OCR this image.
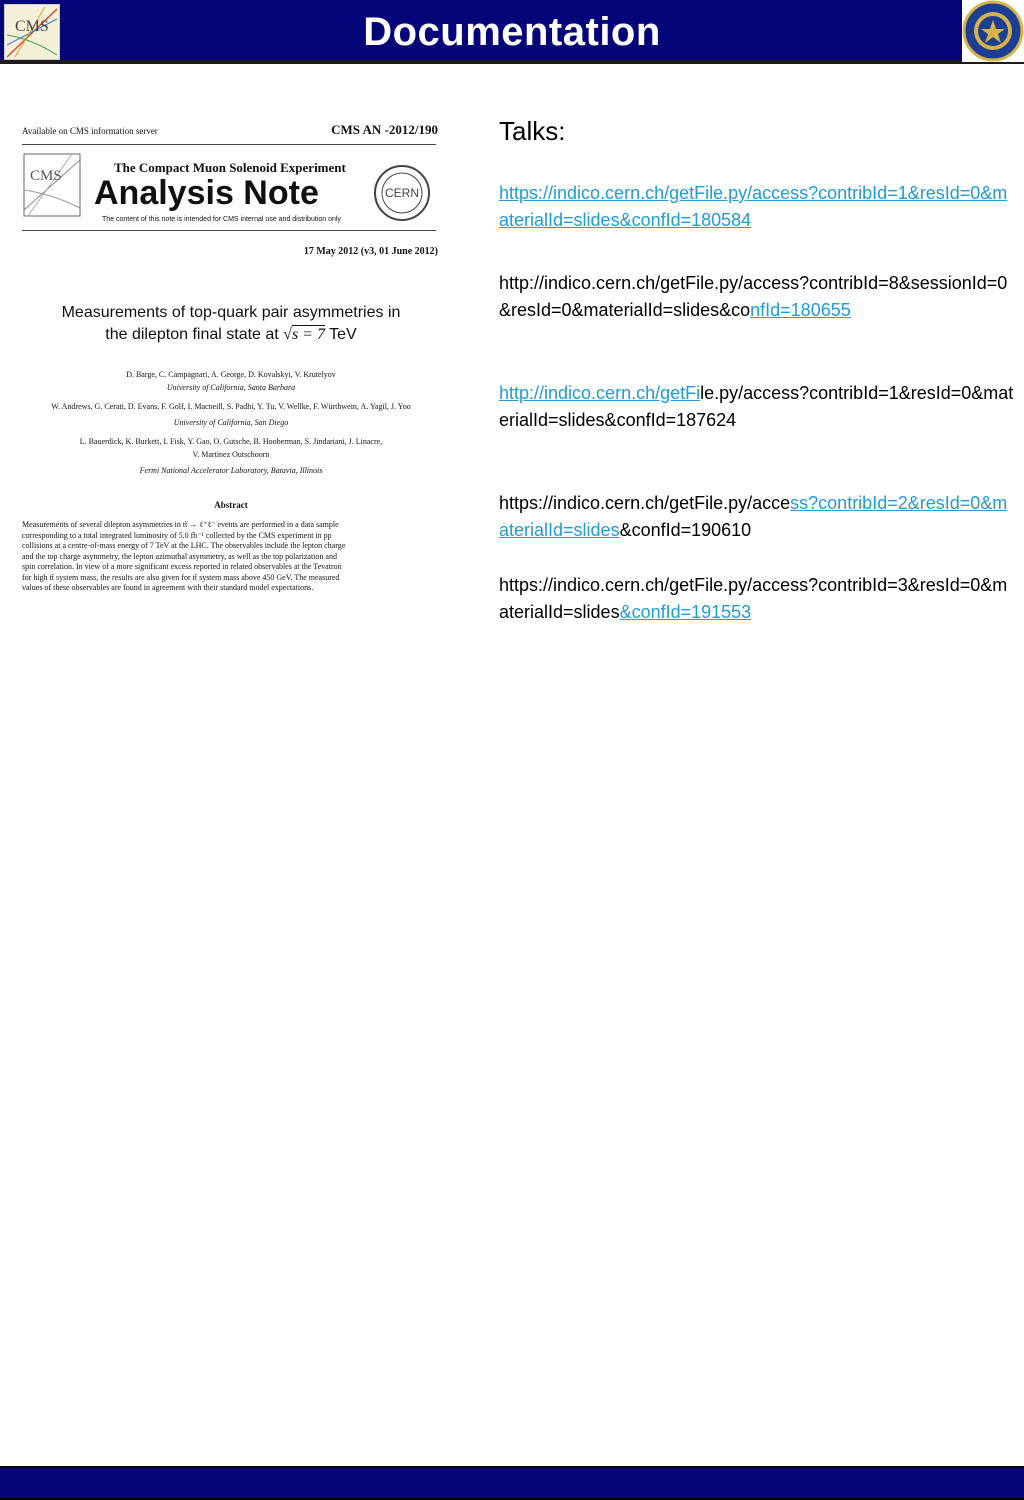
Documentation
CMS
Available on CMS information server	CMS AN -2012/190
CMS
The Compact Muon Solenoid Experiment
Analysis Note
The content of this note is intended for CMS internal use and distribution only
CERN
17 May 2012 (v3, 01 June 2012)
Measurements of top-quark pair asymmetries in
the dilepton final state at √s = 7 TeV
D. Barge, C. Campagnari, A. George, D. Kovalskyi, V. Krutelyov
University of California, Santa Barbara
W. Andrews, G. Cerati, D. Evans, F. Golf, I. Macneill, S. Padhi, Y. Tu, V. Wellke, F. Würthwein, A. Yagil, J. Yoo
University of California, San Diego
L. Bauerdick, K. Burkett, I. Fisk, Y. Gao, O. Gutsche, B. Hooberman, S. Jindariani, J. Linacre,
V. Martinez Outschoorn
Fermi National Accelerator Laboratory, Batavia, Illinois
Abstract
Measurements of several dilepton asymmetries in tt̄ → ℓ⁺ℓ⁻ events are performed in a data sample
corresponding to a total integrated luminosity of 5.0 fb⁻¹ collected by the CMS experiment in pp
collisions at a centre-of-mass energy of 7 TeV at the LHC. The observables include the lepton charge
and the top charge asymmetry, the lepton azimuthal asymmetry, as well as the top polarization and
spin correlation. In view of a more significant excess reported in related observables at the Tevatron
for high tt̄ system mass, the results are also given for tt̄ system mass above 450 GeV. The measured
values of these observables are found in agreement with their standard model expectations.
Talks:
https://indico.cern.ch/getFile.py/access?contribId=1&resId=0&materialId=slides&confId=180584
http://indico.cern.ch/getFile.py/access?contribId=8&sessionId=0&resId=0&materialId=slides&confId=180655
http://indico.cern.ch/getFile.py/access?contribId=1&resId=0&materialId=slides&confId=187624
https://indico.cern.ch/getFile.py/access?contribId=2&resId=0&materialId=slides&confId=190610
https://indico.cern.ch/getFile.py/access?contribId=3&resId=0&materialId=slides&confId=191553
06/08/12	Pre-approval	2
